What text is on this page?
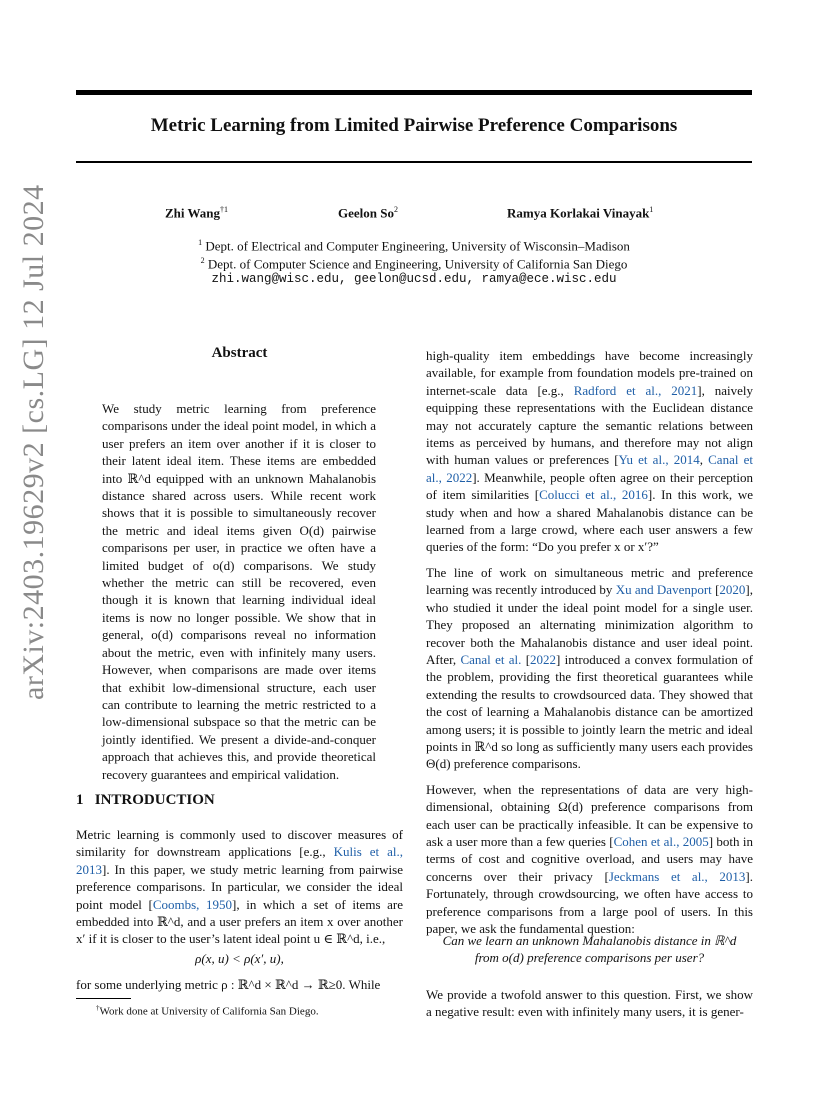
arXiv:2403.19629v2 [cs.LG] 12 Jul 2024
Metric Learning from Limited Pairwise Preference Comparisons
Zhi Wang$^{\dagger 1}$	Geelon So$^2$	Ramya Korlakai Vinayak$^1$
$^1$ Dept. of Electrical and Computer Engineering, University of Wisconsin–Madison
$^2$ Dept. of Computer Science and Engineering, University of California San Diego
zhi.wang@wisc.edu, geelon@ucsd.edu, ramya@ece.wisc.edu
Abstract
We study metric learning from preference comparisons under the ideal point model, in which a user prefers an item over another if it is closer to their latent ideal item. These items are embedded into ℝ^d equipped with an unknown Mahalanobis distance shared across users. While recent work shows that it is possible to simultaneously recover the metric and ideal items given O(d) pairwise comparisons per user, in practice we often have a limited budget of o(d) comparisons. We study whether the metric can still be recovered, even though it is known that learning individual ideal items is now no longer possible. We show that in general, o(d) comparisons reveal no information about the metric, even with infinitely many users. However, when comparisons are made over items that exhibit low-dimensional structure, each user can contribute to learning the metric restricted to a low-dimensional subspace so that the metric can be jointly identified. We present a divide-and-conquer approach that achieves this, and provide theoretical recovery guarantees and empirical validation.
1 INTRODUCTION
Metric learning is commonly used to discover measures of similarity for downstream applications [e.g., Kulis et al., 2013]. In this paper, we study metric learning from pairwise preference comparisons. In particular, we consider the ideal point model [Coombs, 1950], in which a set of items are embedded into ℝ^d, and a user prefers an item x over another x′ if it is closer to the user’s latent ideal point u ∈ ℝ^d, i.e.,
ρ(x, u) < ρ(x′, u),
for some underlying metric ρ : ℝ^d × ℝ^d → ℝ≥0. While
†Work done at University of California San Diego.

high-quality item embeddings have become increasingly available, for example from foundation models pre-trained on internet-scale data [e.g., Radford et al., 2021], naively equipping these representations with the Euclidean distance may not accurately capture the semantic relations between items as perceived by humans, and therefore may not align with human values or preferences [Yu et al., 2014, Canal et al., 2022]. Meanwhile, people often agree on their perception of item similarities [Colucci et al., 2016]. In this work, we study when and how a shared Mahalanobis distance can be learned from a large crowd, where each user answers a few queries of the form: “Do you prefer x or x′?”

The line of work on simultaneous metric and preference learning was recently introduced by Xu and Davenport [2020], who studied it under the ideal point model for a single user. They proposed an alternating minimization algorithm to recover both the Mahalanobis distance and user ideal point. After, Canal et al. [2022] introduced a convex formulation of the problem, providing the first theoretical guarantees while extending the results to crowdsourced data. They showed that the cost of learning a Mahalanobis distance can be amortized among users; it is possible to jointly learn the metric and ideal points in ℝ^d so long as sufficiently many users each provides Θ(d) preference comparisons.

However, when the representations of data are very high-dimensional, obtaining Ω(d) preference comparisons from each user can be practically infeasible. It can be expensive to ask a user more than a few queries [Cohen et al., 2005] both in terms of cost and cognitive overload, and users may have concerns over their privacy [Jeckmans et al., 2013]. Fortunately, through crowdsourcing, we often have access to preference comparisons from a large pool of users. In this paper, we ask the fundamental question:

Can we learn an unknown Mahalanobis distance in ℝ^d
from o(d) preference comparisons per user?
We provide a twofold answer to this question. First, we show a negative result: even with infinitely many users, it is gener-
